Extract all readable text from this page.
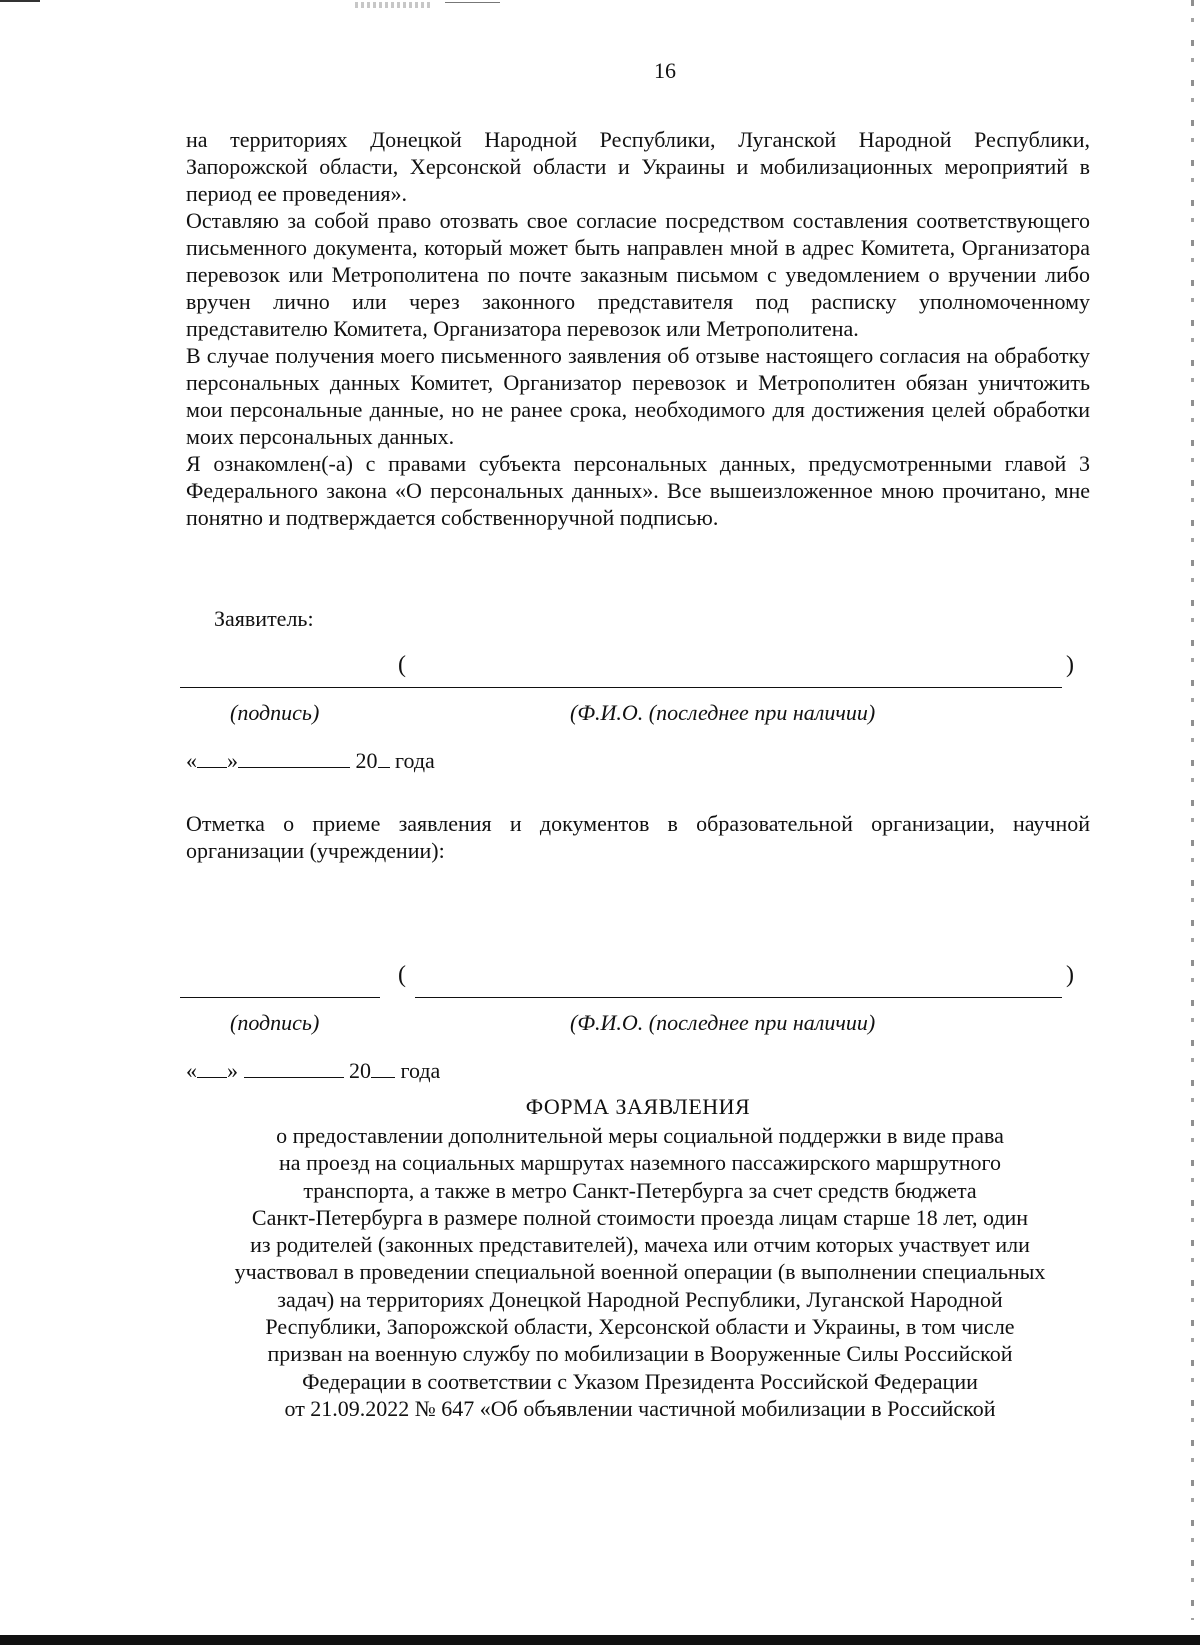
16

на территориях Донецкой Народной Республики, Луганской Народной Республики, Запорожской области, Херсонской области и Украины и мобилизационных мероприятий в период ее проведения».

Оставляю за собой право отозвать свое согласие посредством составления соответствующего письменного документа, который может быть направлен мной в адрес Комитета, Организатора перевозок или Метрополитена по почте заказным письмом с уведомлением о вручении либо вручен лично или через законного представителя под расписку уполномоченному представителю Комитета, Организатора перевозок или Метрополитена.

В случае получения моего письменного заявления об отзыве настоящего согласия на обработку персональных данных Комитет, Организатор перевозок и Метрополитен обязан уничтожить мои персональные данные, но не ранее срока, необходимого для достижения целей обработки моих персональных данных.

Я ознакомлен(-а) с правами субъекта персональных данных, предусмотренными главой 3 Федерального закона «О персональных данных». Все вышеизложенное мною прочитано, мне понятно и подтверждается собственноручной подписью.

Заявитель:
(	)
(подпись)	(Ф.И.О. (последнее при наличии)
« »	20 года
Отметка о приеме заявления и документов в образовательной организации, научной организации (учреждении):
(	)
(подпись)	(Ф.И.О. (последнее при наличии)
« »	20 года
ФОРМА ЗАЯВЛЕНИЯ
о предоставлении дополнительной меры социальной поддержки в виде права
на проезд на социальных маршрутах наземного пассажирского маршрутного
транспорта, а также в метро Санкт-Петербурга за счет средств бюджета
Санкт-Петербурга в размере полной стоимости проезда лицам старше 18 лет, один
из родителей (законных представителей), мачеха или отчим которых участвует или
участвовал в проведении специальной военной операции (в выполнении специальных
задач) на территориях Донецкой Народной Республики, Луганской Народной
Республики, Запорожской области, Херсонской области и Украины, в том числе
призван на военную службу по мобилизации в Вооруженные Силы Российской
Федерации в соответствии с Указом Президента Российской Федерации
от 21.09.2022 № 647 «Об объявлении частичной мобилизации в Российской
